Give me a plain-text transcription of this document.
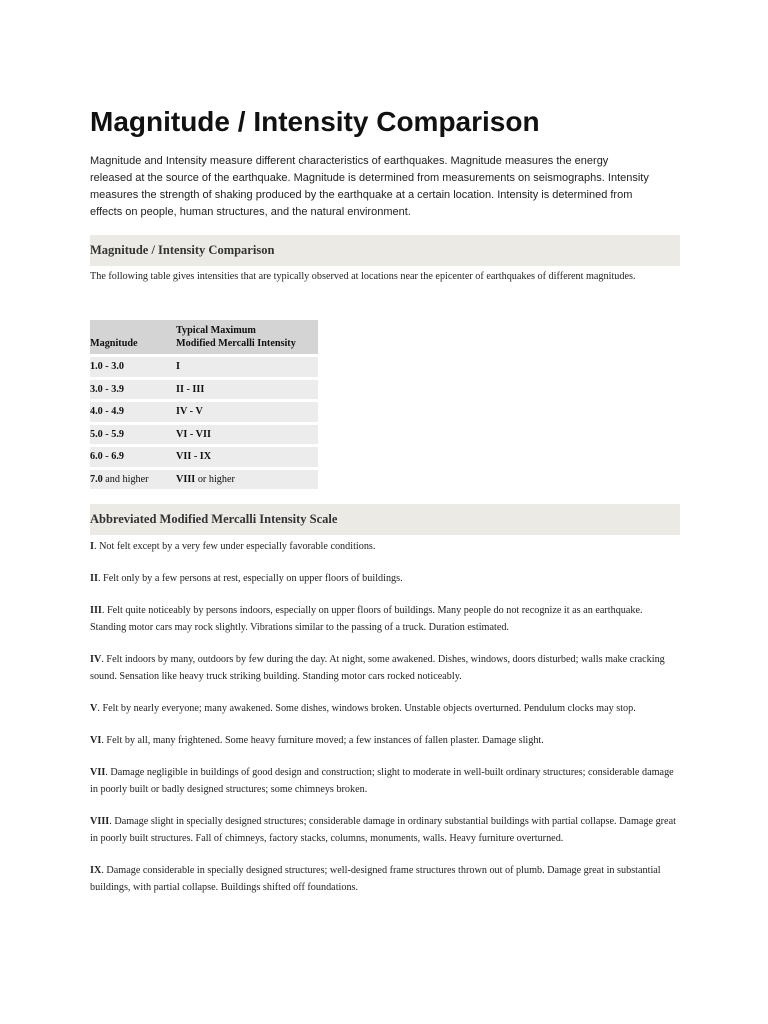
Magnitude / Intensity Comparison

Magnitude and Intensity measure different characteristics of earthquakes. Magnitude measures the energy released at the source of the earthquake. Magnitude is determined from measurements on seismographs. Intensity measures the strength of shaking produced by the earthquake at a certain location. Intensity is determined from effects on people, human structures, and the natural environment.

Magnitude / Intensity Comparison

The following table gives intensities that are typically observed at locations near the epicenter of earthquakes of different magnitudes.

Magnitude	Typical Maximum
Modified Mercalli Intensity

1.0 - 3.0	I

3.0 - 3.9	II - III

4.0 - 4.9	IV - V

5.0 - 5.9	VI - VII

6.0 - 6.9	VII - IX

7.0 and higher	VIII or higher
Abbreviated Modified Mercalli Intensity Scale

I. Not felt except by a very few under especially favorable conditions.

II. Felt only by a few persons at rest, especially on upper floors of buildings.

III. Felt quite noticeably by persons indoors, especially on upper floors of buildings. Many people do not recognize it as an earthquake. Standing motor cars may rock slightly. Vibrations similar to the passing of a truck. Duration estimated.

IV. Felt indoors by many, outdoors by few during the day. At night, some awakened. Dishes, windows, doors disturbed; walls make cracking sound. Sensation like heavy truck striking building. Standing motor cars rocked noticeably.

V. Felt by nearly everyone; many awakened. Some dishes, windows broken. Unstable objects overturned. Pendulum clocks may stop.

VI. Felt by all, many frightened. Some heavy furniture moved; a few instances of fallen plaster. Damage slight.

VII. Damage negligible in buildings of good design and construction; slight to moderate in well-built ordinary structures; considerable damage in poorly built or badly designed structures; some chimneys broken.

VIII. Damage slight in specially designed structures; considerable damage in ordinary substantial buildings with partial collapse. Damage great in poorly built structures. Fall of chimneys, factory stacks, columns, monuments, walls. Heavy furniture overturned.

IX. Damage considerable in specially designed structures; well-designed frame structures thrown out of plumb. Damage great in substantial buildings, with partial collapse. Buildings shifted off foundations.
